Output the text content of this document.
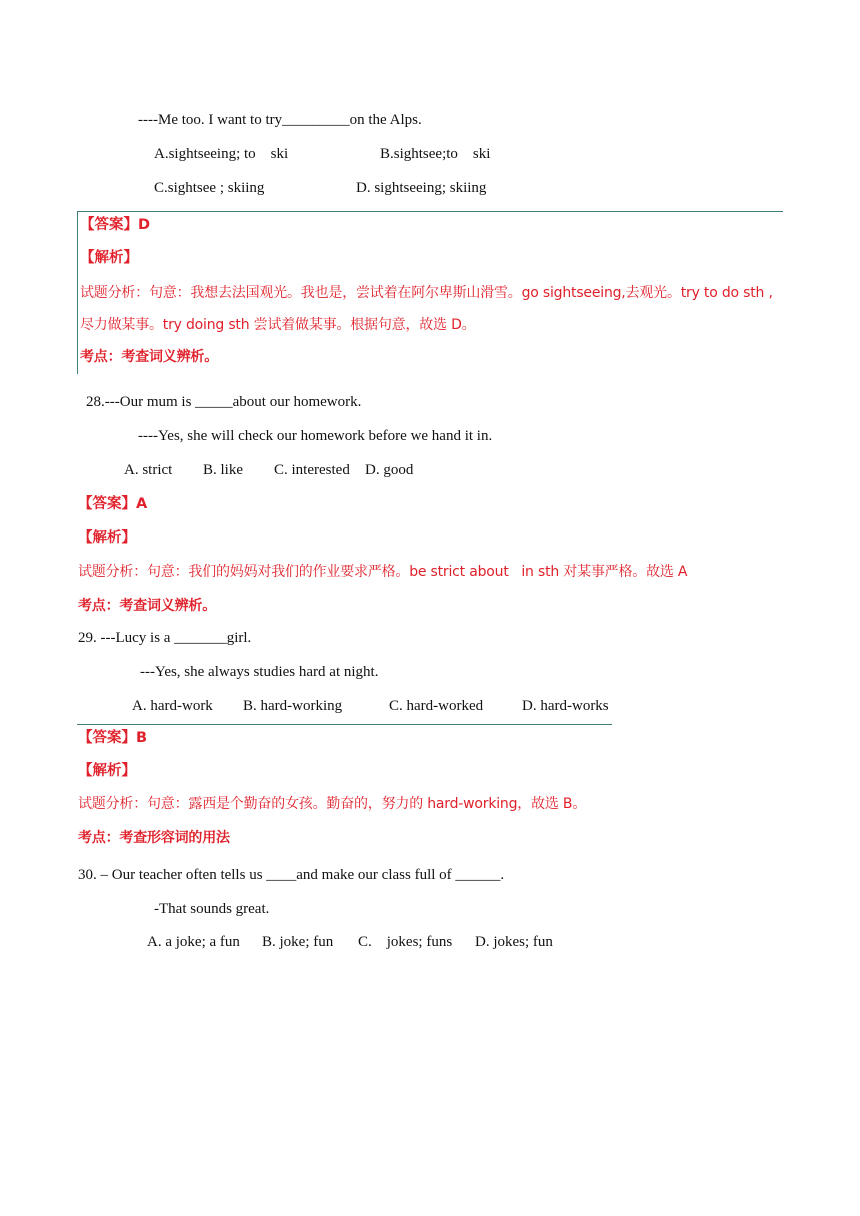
----Me too. I want to try_________on the Alps.
A.sightseeing; to    ski	B.sightsee;to    ski
C.sightsee ; skiing	D. sightseeing; skiing
【答案】D
【解析】
试题分析：句意：我想去法国观光。我也是，尝试着在阿尔卑斯山滑雪。go sightseeing,去观光。try to do sth ,
尽力做某事。try doing sth 尝试着做某事。根据句意，故选 D。
考点：考查词义辨析。
28.---Our mum is _____about our homework.
----Yes, she will check our homework before we hand it in.
A. strict B. like C. interested D. good
【答案】A
【解析】
试题分析：句意：我们的妈妈对我们的作业要求严格。be strict about   in sth 对某事严格。故选 A
考点：考查词义辨析。
29. ---Lucy is a _______girl.
---Yes, she always studies hard at night.
A. hard-work B. hard-working	C. hard-worked	D. hard-works
【答案】B
【解析】
试题分析：句意：露西是个勤奋的女孩。勤奋的，努力的 hard-working，故选 B。
考点：考查形容词的用法
30. – Our teacher often tells us ____and make our class full of ______.
-That sounds great.
A. a joke; a fun B. joke; fun C.    jokes; funs D. jokes; fun
